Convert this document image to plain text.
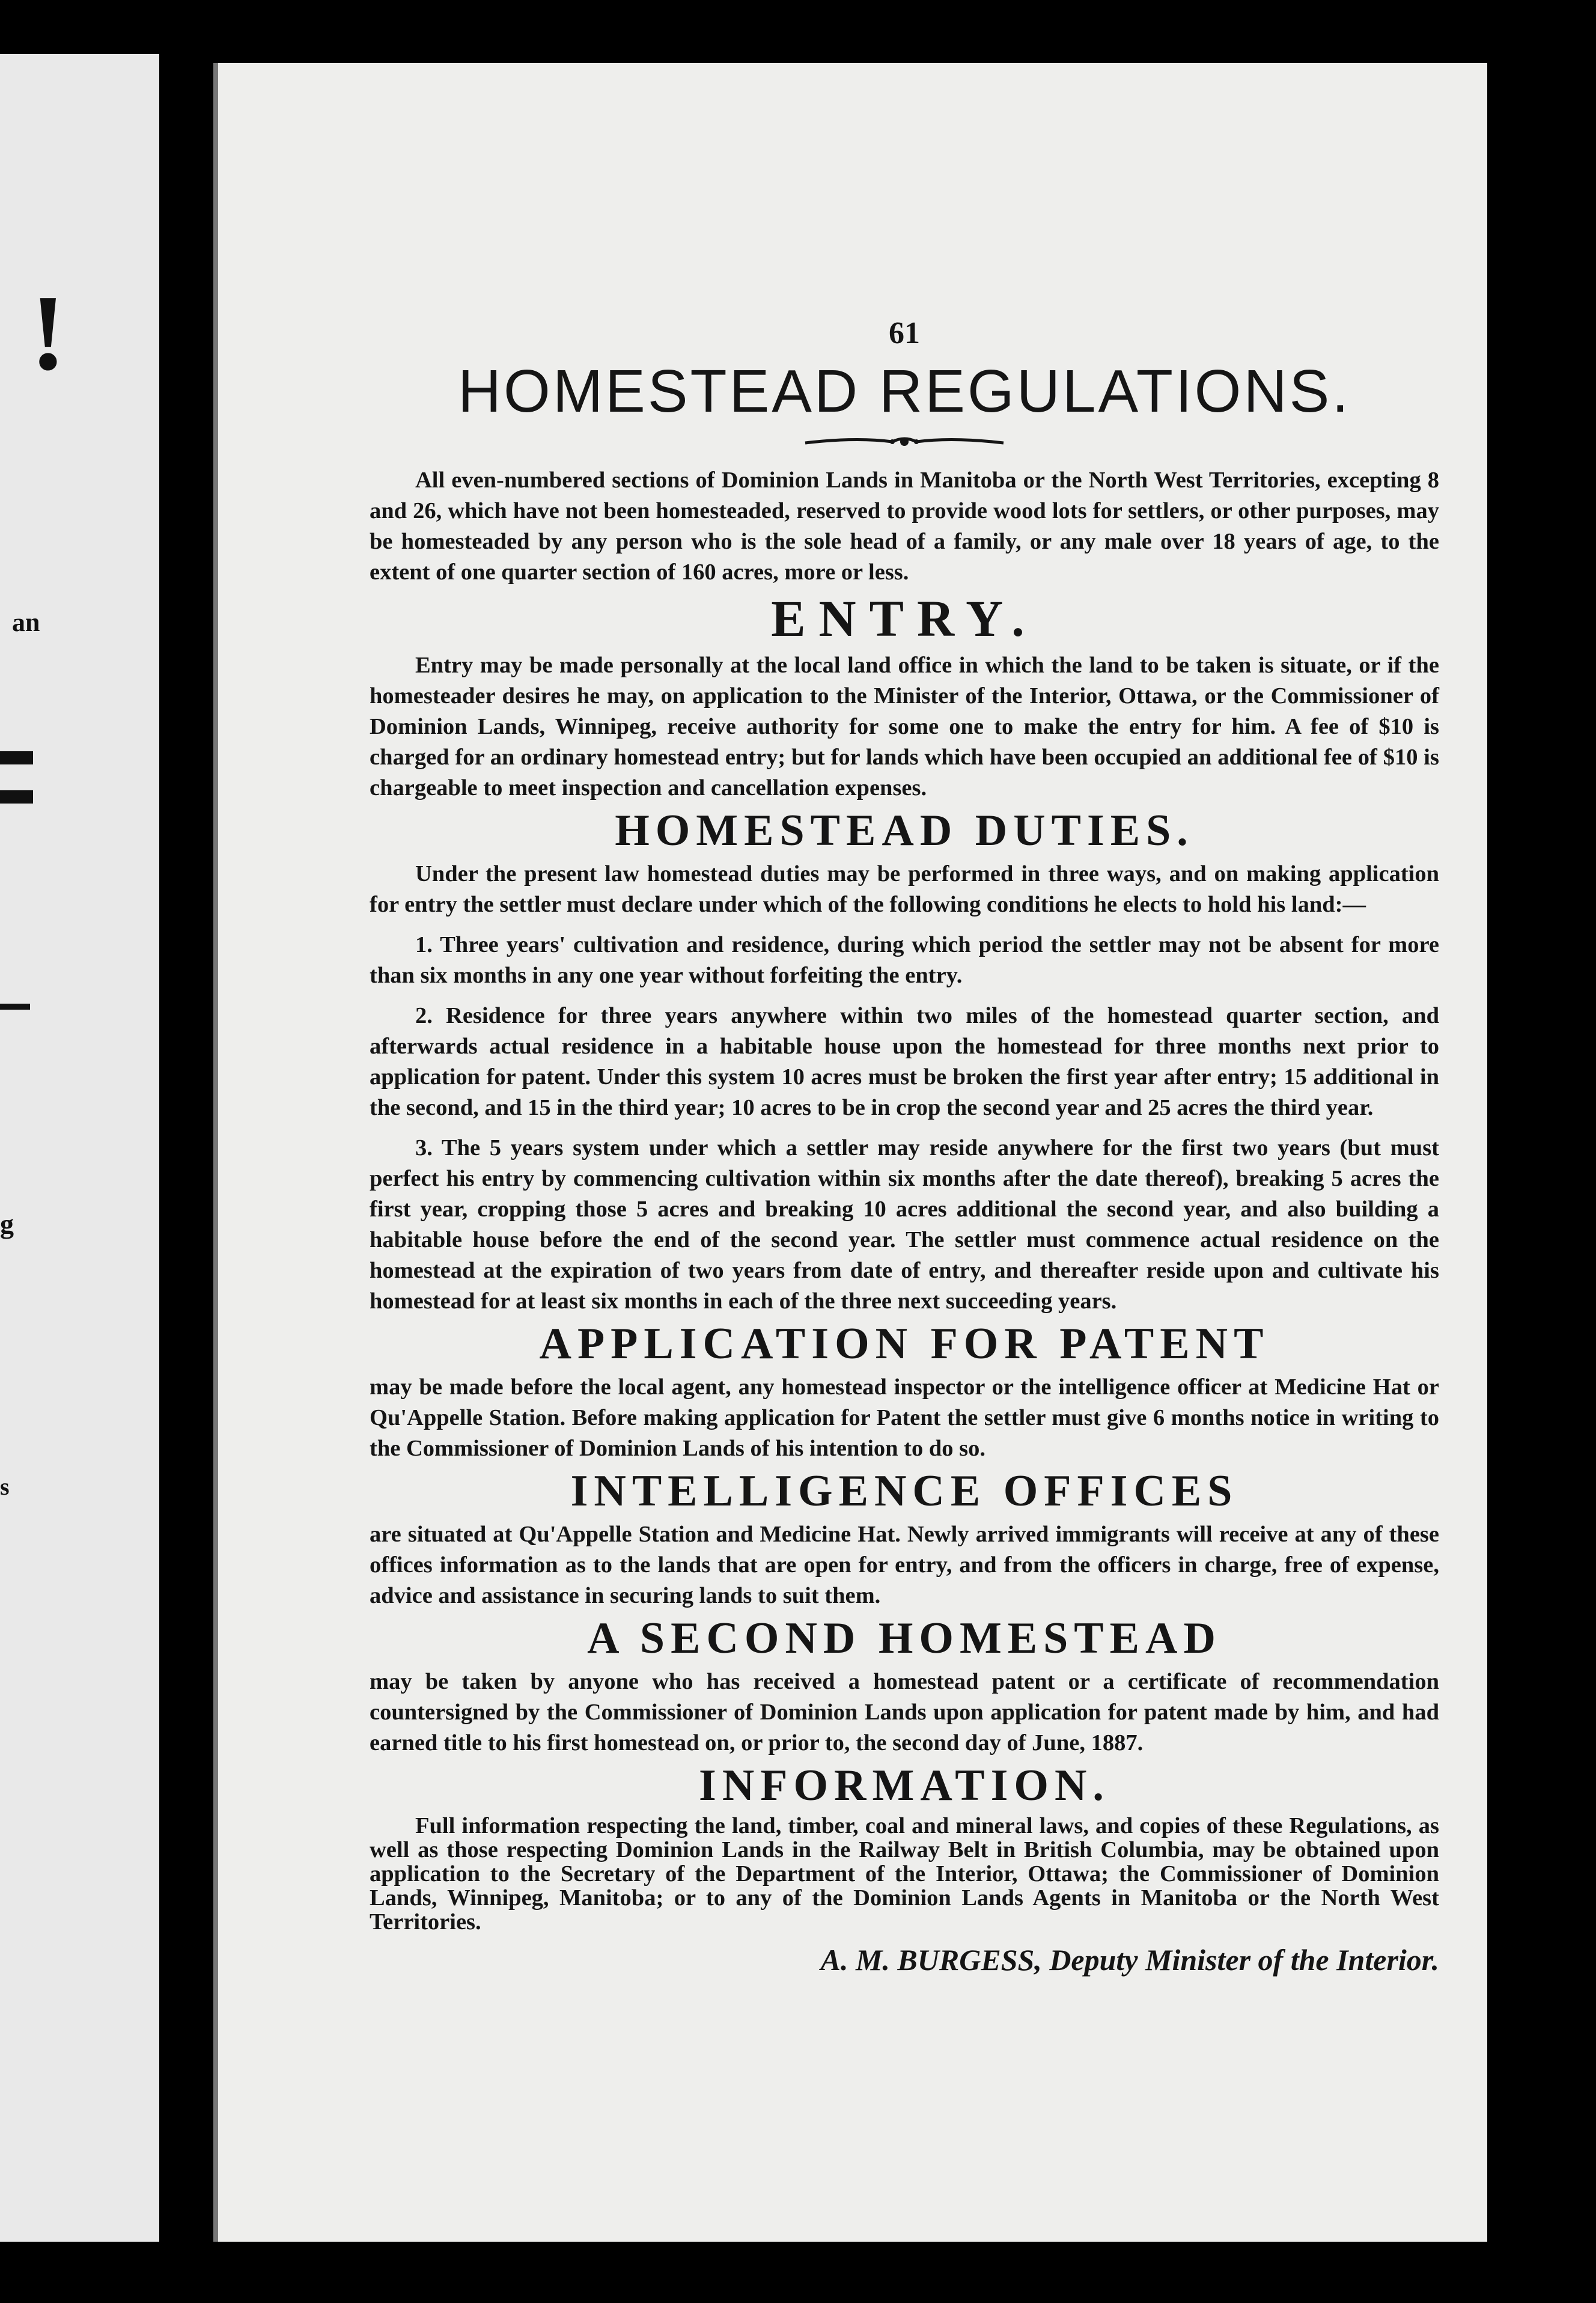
!
an
g
s
61
HOMESTEAD REGULATIONS.

All even-numbered sections of Dominion Lands in Manitoba or the North West Territories, excepting 8 and 26, which have not been homesteaded, reserved to provide wood lots for settlers, or other purposes, may be homesteaded by any person who is the sole head of a family, or any male over 18 years of age, to the extent of one quarter section of 160 acres, more or less.

ENTRY.

Entry may be made personally at the local land office in which the land to be taken is situate, or if the homesteader desires he may, on application to the Minister of the Interior, Ottawa, or the Commissioner of Dominion Lands, Winnipeg, receive authority for some one to make the entry for him. A fee of $10 is charged for an ordinary homestead entry; but for lands which have been occupied an additional fee of $10 is chargeable to meet inspection and cancellation expenses.

HOMESTEAD DUTIES.

Under the present law homestead duties may be performed in three ways, and on making application for entry the settler must declare under which of the following conditions he elects to hold his land:—

1. Three years' cultivation and residence, during which period the settler may not be absent for more than six months in any one year without forfeiting the entry.

2. Residence for three years anywhere within two miles of the homestead quarter section, and afterwards actual residence in a habitable house upon the homestead for three months next prior to application for patent. Under this system 10 acres must be broken the first year after entry; 15 additional in the second, and 15 in the third year; 10 acres to be in crop the second year and 25 acres the third year.

3. The 5 years system under which a settler may reside anywhere for the first two years (but must perfect his entry by commencing cultivation within six months after the date thereof), breaking 5 acres the first year, cropping those 5 acres and breaking 10 acres additional the second year, and also building a habitable house before the end of the second year. The settler must commence actual residence on the homestead at the expiration of two years from date of entry, and thereafter reside upon and cultivate his homestead for at least six months in each of the three next succeeding years.

APPLICATION FOR PATENT

may be made before the local agent, any homestead inspector or the intelligence officer at Medicine Hat or Qu'Appelle Station. Before making application for Patent the settler must give 6 months notice in writing to the Commissioner of Dominion Lands of his intention to do so.

INTELLIGENCE OFFICES

are situated at Qu'Appelle Station and Medicine Hat. Newly arrived immigrants will receive at any of these offices information as to the lands that are open for entry, and from the officers in charge, free of expense, advice and assistance in securing lands to suit them.

A SECOND HOMESTEAD

may be taken by anyone who has received a homestead patent or a certificate of recommendation countersigned by the Commissioner of Dominion Lands upon application for patent made by him, and had earned title to his first homestead on, or prior to, the second day of June, 1887.

INFORMATION.

Full information respecting the land, timber, coal and mineral laws, and copies of these Regulations, as well as those respecting Dominion Lands in the Railway Belt in British Columbia, may be obtained upon application to the Secretary of the Department of the Interior, Ottawa; the Commissioner of Dominion Lands, Winnipeg, Manitoba; or to any of the Dominion Lands Agents in Manitoba or the North West Territories.

A. M. BURGESS, Deputy Minister of the Interior.
